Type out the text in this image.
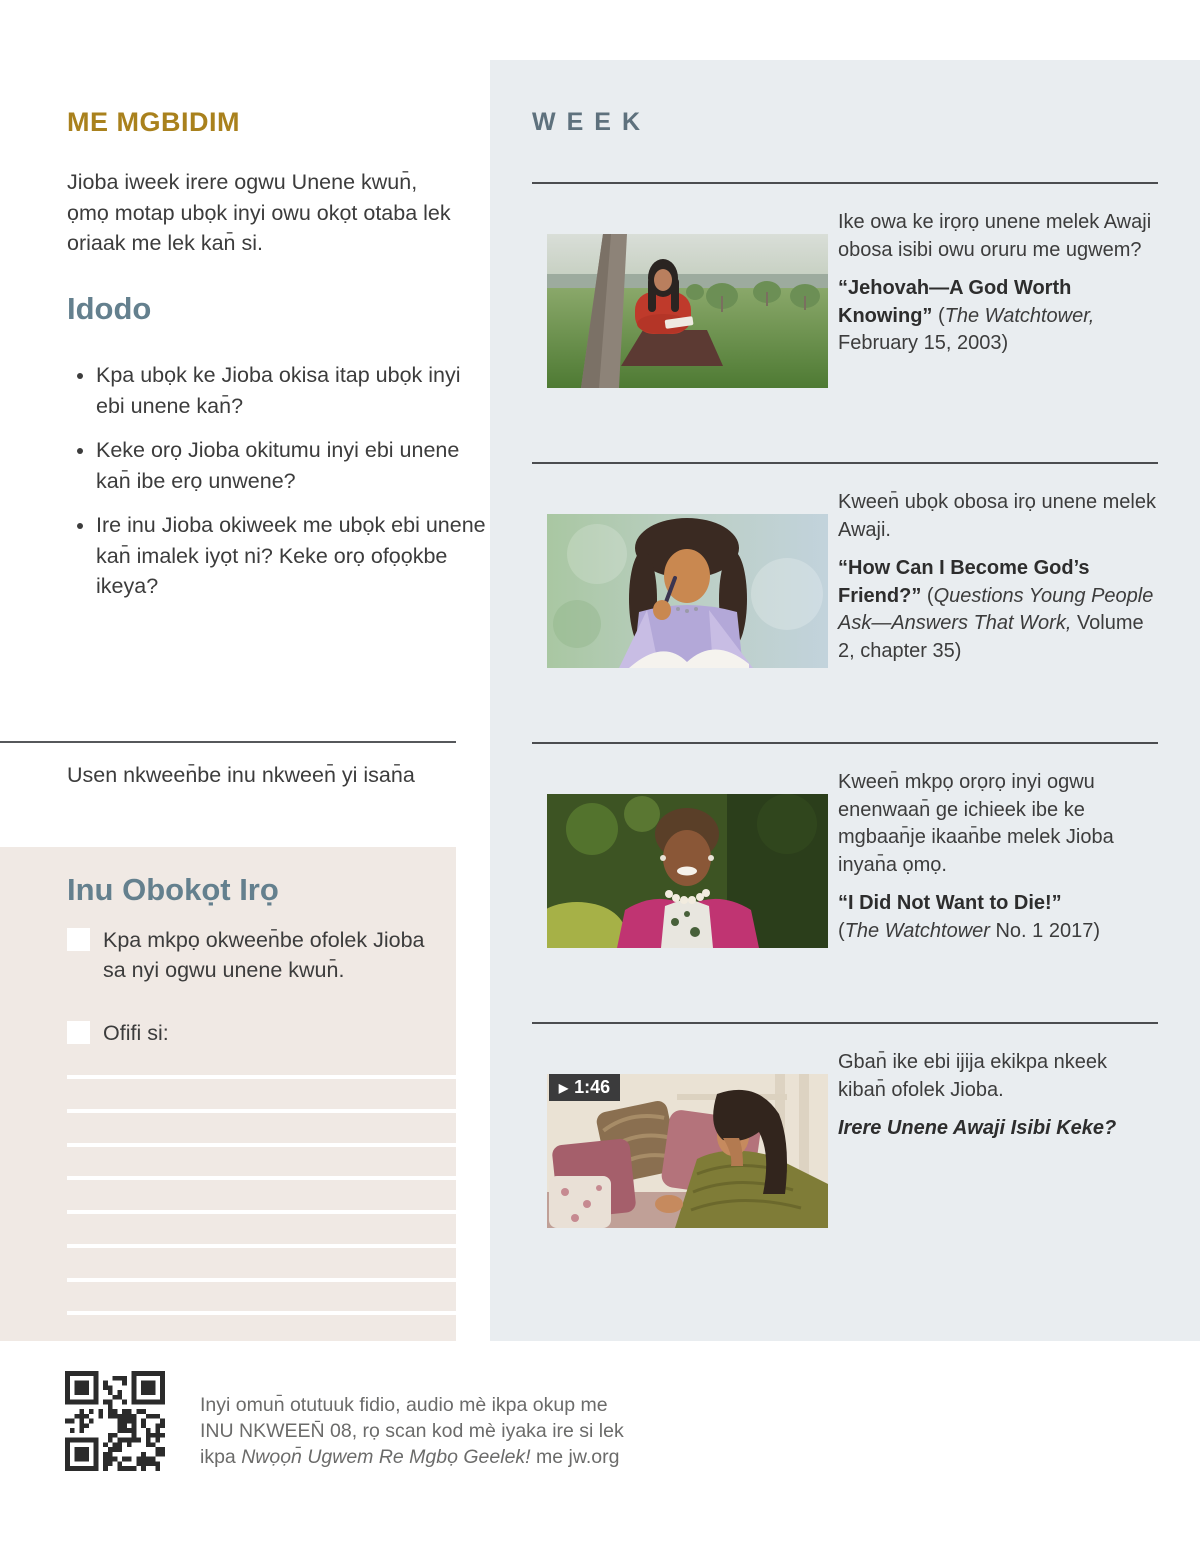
ME MGBIDIM

Jioba iweek irere ogwu Unene kwun̄, ọmọ motap ubọk inyi owu okọt otaba lek oriaak me lek kan̄ si.

Idodo
• Kpa ubọk ke Jioba okisa itap ubọk inyi ebi unene kan̄?
• Keke orọ Jioba okitumu inyi ebi unene kan̄ ibe erọ unwene?
• Ire inu Jioba okiweek me ubọk ebi unene kan̄ imalek iyọt ni? Keke orọ ofọọkbe ikeya?

Usen nkween̄be inu nkween̄ yi isan̄a

Inu Obokọt Irọ
Kpa mkpọ okween̄be ofolek Jioba sa nyi ogwu unene kwun̄.
Ofifi si:
Inyi omun̄ otutuuk fidio, audio mè ikpa okup me
INU NKWEEN̄ 08, rọ scan kod mè iyaka ire si lek
ikpa Nwọọn̄ Ugwem Re Mgbọ Geelek! me jw.org
WEEK

Ike owa ke irọrọ unene melek Awaji obosa isibi owu oruru me ugwem?

“Jehovah—A God Worth Knowing” (The Watchtower, February 15, 2003)

Kween̄ ubọk obosa irọ unene melek Awaji.

“How Can I Become God’s Friend?” (Questions Young People Ask—Answers That Work, Volume 2, chapter 35)

Kween̄ mkpọ orọrọ inyi ogwu enenwaan̄ ge ichieek ibe ke mgbaan̄je ikaan̄be melek Jioba inyan̄a ọmọ.

“I Did Not Want to Die!”
(The Watchtower No. 1 2017)

▶ 1:46

Gban̄ ike ebi ijija ekikpa nkeek kiban̄ ofolek Jioba.

Irere Unene Awaji Isibi Keke?
